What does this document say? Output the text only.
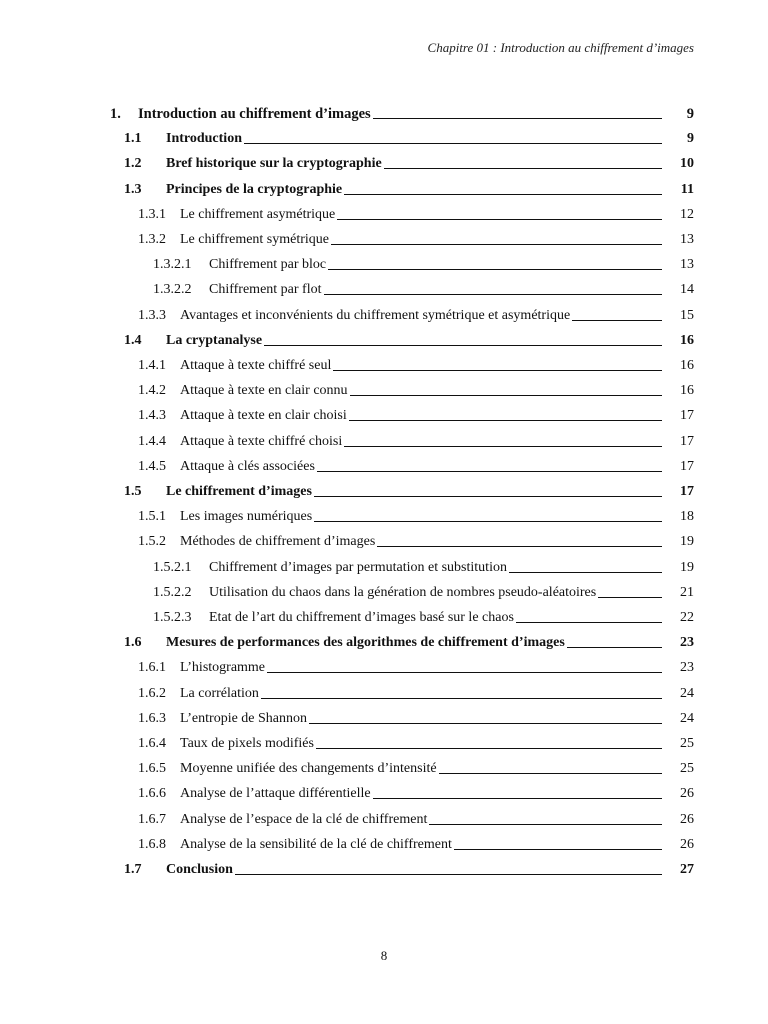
Chapitre 01 : Introduction au chiffrement d’images
1.	Introduction au chiffrement d’images	9
1.1	Introduction	9
1.2	Bref historique sur la cryptographie	10
1.3	Principes de la cryptographie	11
1.3.1	Le chiffrement asymétrique	12
1.3.2	Le chiffrement symétrique	13
1.3.2.1	Chiffrement par bloc	13
1.3.2.2	Chiffrement par flot	14
1.3.3	Avantages et inconvénients du chiffrement symétrique et asymétrique	15
1.4	La cryptanalyse	16
1.4.1	Attaque à texte chiffré seul	16
1.4.2	Attaque à texte en clair connu	16
1.4.3	Attaque à texte en clair choisi	17
1.4.4	Attaque à texte chiffré choisi	17
1.4.5	Attaque à clés associées	17
1.5	Le chiffrement d’images	17
1.5.1	Les images numériques	18
1.5.2	Méthodes de chiffrement d’images	19
1.5.2.1	Chiffrement d’images par permutation et substitution	19
1.5.2.2	Utilisation du chaos dans la génération de nombres pseudo-aléatoires	21
1.5.2.3	Etat de l’art du chiffrement d’images basé sur le chaos	22
1.6	Mesures de performances des algorithmes de chiffrement d’images	23
1.6.1	L’histogramme	23
1.6.2	La corrélation	24
1.6.3	L’entropie de Shannon	24
1.6.4	Taux de pixels modifiés	25
1.6.5	Moyenne unifiée des changements d’intensité	25
1.6.6	Analyse de l’attaque différentielle	26
1.6.7	Analyse de l’espace de la clé de chiffrement	26
1.6.8	Analyse de la sensibilité de la clé de chiffrement	26
1.7	Conclusion	27
8
